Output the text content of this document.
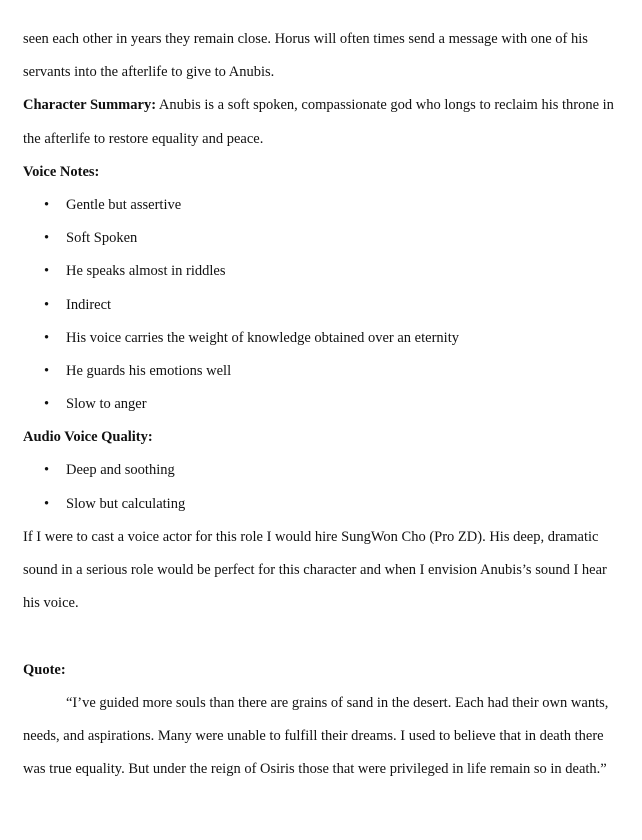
seen each other in years they remain close. Horus will often times send a message with one of his
servants into the afterlife to give to Anubis.
Character Summary: Anubis is a soft spoken, compassionate god who longs to reclaim his throne in
the afterlife to restore equality and peace.
Voice Notes:
• Gentle but assertive
• Soft Spoken
• He speaks almost in riddles
• Indirect
• His voice carries the weight of knowledge obtained over an eternity
• He guards his emotions well
• Slow to anger
Audio Voice Quality:
• Deep and soothing
• Slow but calculating
If I were to cast a voice actor for this role I would hire SungWon Cho (Pro ZD). His deep, dramatic
sound in a serious role would be perfect for this character and when I envision Anubis’s sound I hear
his voice.
Quote:
“I’ve guided more souls than there are grains of sand in the desert. Each had their own wants,
needs, and aspirations. Many were unable to fulfill their dreams. I used to believe that in death there
was true equality. But under the reign of Osiris those that were privileged in life remain so in death.”
